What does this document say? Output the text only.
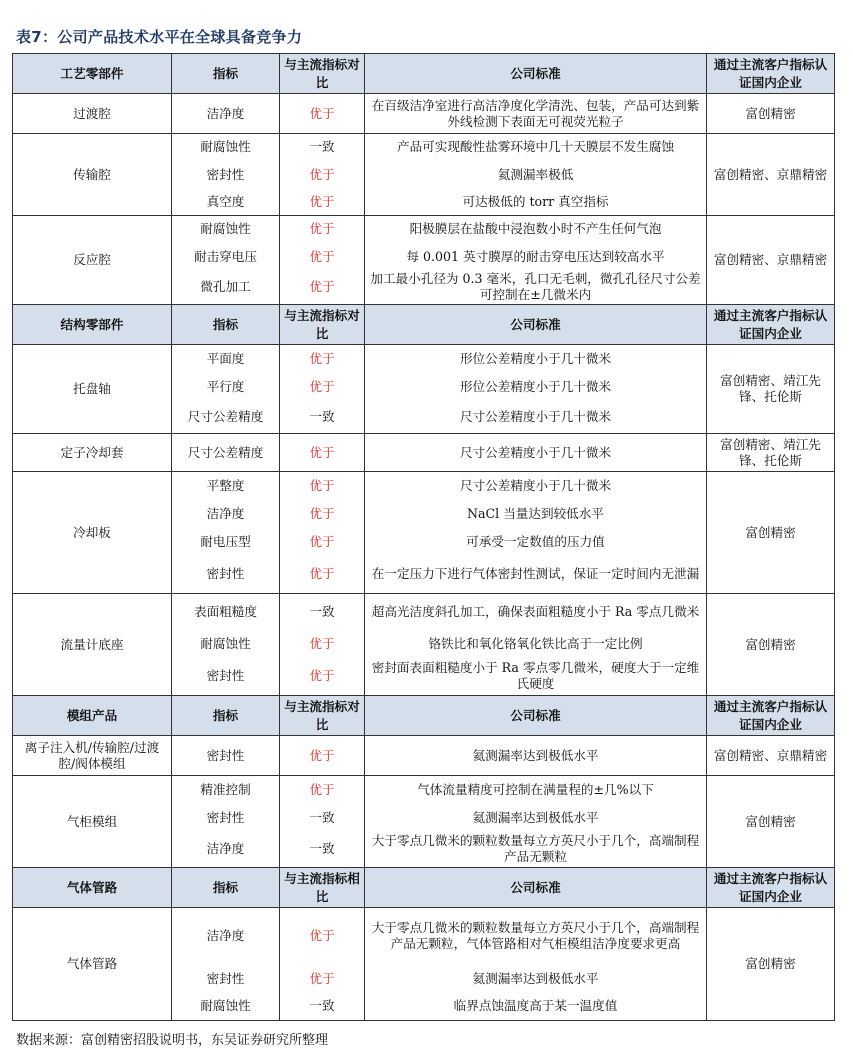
表7：公司产品技术水平在全球具备竞争力
工艺零部件	指标	与主流指标对比	公司标准	通过主流客户指标认证国内企业
过渡腔	洁净度	优于	在百级洁净室进行高洁净度化学清洗、包装，产品可达到紫外线检测下表面无可视荧光粒子	富创精密
传输腔	耐腐蚀性	一致	产品可实现酸性盐雾环境中几十天膜层不发生腐蚀	富创精密、京鼎精密
	密封性	优于	氦测漏率极低	
	真空度	优于	可达极低的 torr 真空指标	
反应腔	耐腐蚀性	优于	阳极膜层在盐酸中浸泡数小时不产生任何气泡	富创精密、京鼎精密
	耐击穿电压	优于	每 0.001 英寸膜厚的耐击穿电压达到较高水平	
	微孔加工	优于	加工最小孔径为 0.3 毫米，孔口无毛刺，微孔孔径尺寸公差可控制在±几微米内	
结构零部件	指标	与主流指标对比	公司标准	通过主流客户指标认证国内企业
托盘轴	平面度	优于	形位公差精度小于几十微米	富创精密、靖江先锋、托伦斯
	平行度	优于	形位公差精度小于几十微米	
	尺寸公差精度	一致	尺寸公差精度小于几十微米	
定子冷却套	尺寸公差精度	优于	尺寸公差精度小于几十微米	富创精密、靖江先锋、托伦斯
冷却板	平整度	优于	尺寸公差精度小于几十微米	富创精密
	洁净度	优于	NaCl 当量达到较低水平	
	耐电压型	优于	可承受一定数值的压力值	
	密封性	优于	在一定压力下进行气体密封性测试，保证一定时间内无泄漏	
流量计底座	表面粗糙度	一致	超高光洁度斜孔加工，确保表面粗糙度小于 Ra 零点几微米	富创精密
	耐腐蚀性	优于	铬铁比和氧化铬氧化铁比高于一定比例	
	密封性	优于	密封面表面粗糙度小于 Ra 零点零几微米，硬度大于一定维氏硬度	
模组产品	指标	与主流指标对比	公司标准	通过主流客户指标认证国内企业
离子注入机/传输腔/过渡腔/阀体模组	密封性	优于	氦测漏率达到极低水平	富创精密、京鼎精密
气柜模组	精准控制	优于	气体流量精度可控制在满量程的±几%以下	富创精密
	密封性	一致	氦测漏率达到极低水平	
	洁净度	一致	大于零点几微米的颗粒数量每立方英尺小于几个，高端制程产品无颗粒	
气体管路	指标	与主流指标相比	公司标准	通过主流客户指标认证国内企业
气体管路	洁净度	优于	大于零点几微米的颗粒数量每立方英尺小于几个，高端制程产品无颗粒，气体管路相对气柜模组洁净度要求更高	富创精密
	密封性	优于	氦测漏率达到极低水平	
	耐腐蚀性	一致	临界点蚀温度高于某一温度值	
数据来源：富创精密招股说明书，东吴证券研究所整理
